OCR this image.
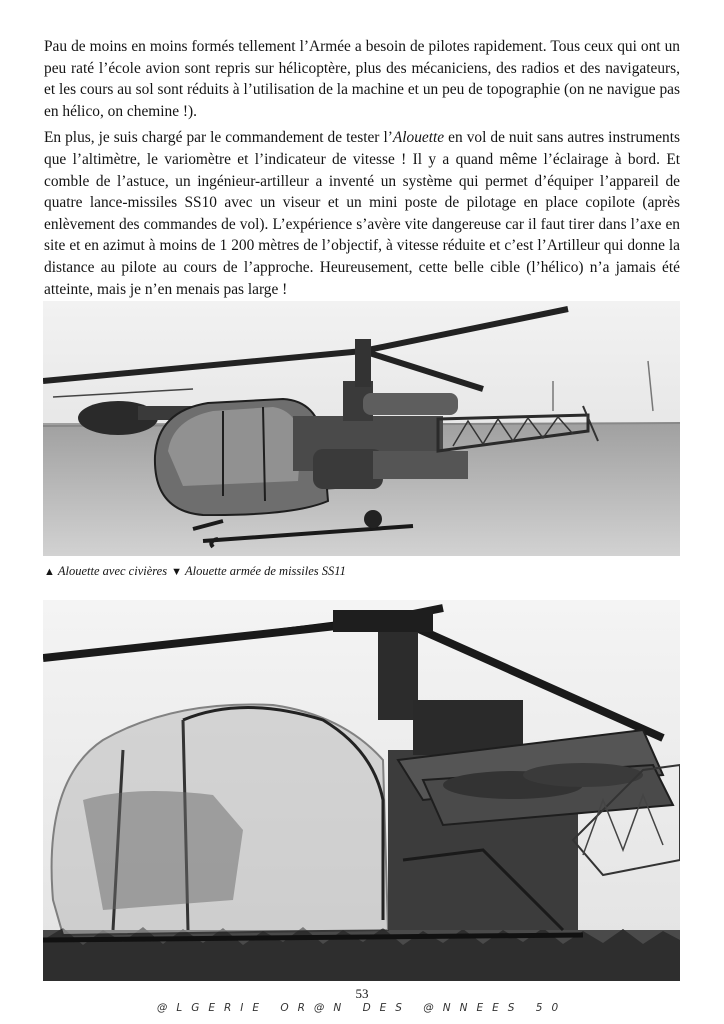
Pau de moins en moins formés tellement l’Armée a besoin de pilotes rapidement. Tous ceux qui ont un peu raté l’école avion sont repris sur hélicoptère, plus des mécaniciens, des radios et des navigateurs, et les cours au sol sont réduits à l’utilisation de la machine et un peu de topographie (on ne navigue pas en hélico, on chemine !).

En plus, je suis chargé par le commandement de tester l’Alouette en vol de nuit sans autres instruments que l’altimètre, le variomètre et l’indicateur de vitesse ! Il y a quand même l’éclairage à bord. Et comble de l’astuce, un ingénieur-artilleur a inventé un système qui permet d’équiper l’appareil de quatre lance-missiles SS10 avec un viseur et un mini poste de pilotage en place copilote (après enlèvement des commandes de vol). L’expérience s’avère vite dangereuse car il faut tirer dans l’axe en site et en azimut à moins de 1 200 mètres de l’objectif, à vitesse réduite et c’est l’Artilleur qui donne la distance au pilote au cours de l’approche. Heureusement, cette belle cible (l’hélico) n’a jamais été atteinte, mais je n’en menais pas large !

▲ Alouette avec civières ▼ Alouette armée de missiles SS11
53
@LGERIE OR@N DES @NNEES 50
